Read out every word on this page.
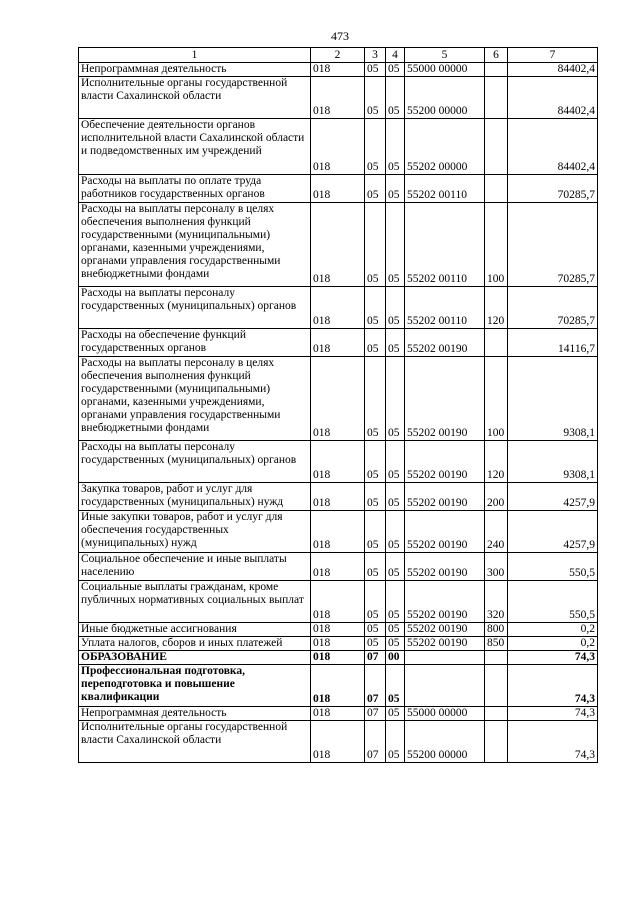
473
1	2	3	4	5	6	7
Непрограммная деятельность	018	05	05	55000 00000		84402,4
Исполнительные органы государственной власти Сахалинской области	018	05	05	55200 00000		84402,4
Обеспечение деятельности органов исполнительной власти Сахалинской области и подведомственных им учреждений	018	05	05	55202 00000		84402,4
Расходы на выплаты по оплате труда работников государственных органов	018	05	05	55202 00110		70285,7
Расходы на выплаты персоналу в целях обеспечения выполнения функций государственными (муниципальными) органами, казенными учреждениями, органами управления государственными внебюджетными фондами	018	05	05	55202 00110	100	70285,7
Расходы на выплаты персоналу государственных (муниципальных) органов	018	05	05	55202 00110	120	70285,7
Расходы на обеспечение функций государственных органов	018	05	05	55202 00190		14116,7
Расходы на выплаты персоналу в целях обеспечения выполнения функций государственными (муниципальными) органами, казенными учреждениями, органами управления государственными внебюджетными фондами	018	05	05	55202 00190	100	9308,1
Расходы на выплаты персоналу государственных (муниципальных) органов	018	05	05	55202 00190	120	9308,1
Закупка товаров, работ и услуг для государственных (муниципальных) нужд	018	05	05	55202 00190	200	4257,9
Иные закупки товаров, работ и услуг для обеспечения государственных (муниципальных) нужд	018	05	05	55202 00190	240	4257,9
Социальное обеспечение и иные выплаты населению	018	05	05	55202 00190	300	550,5
Социальные выплаты гражданам, кроме публичных нормативных социальных выплат	018	05	05	55202 00190	320	550,5
Иные бюджетные ассигнования	018	05	05	55202 00190	800	0,2
Уплата налогов, сборов и иных платежей	018	05	05	55202 00190	850	0,2
ОБРАЗОВАНИЕ	018	07	00			74,3
Профессиональная подготовка, переподготовка и повышение квалификации	018	07	05			74,3
Непрограммная деятельность	018	07	05	55000 00000		74,3
Исполнительные органы государственной власти Сахалинской области	018	07	05	55200 00000		74,3
